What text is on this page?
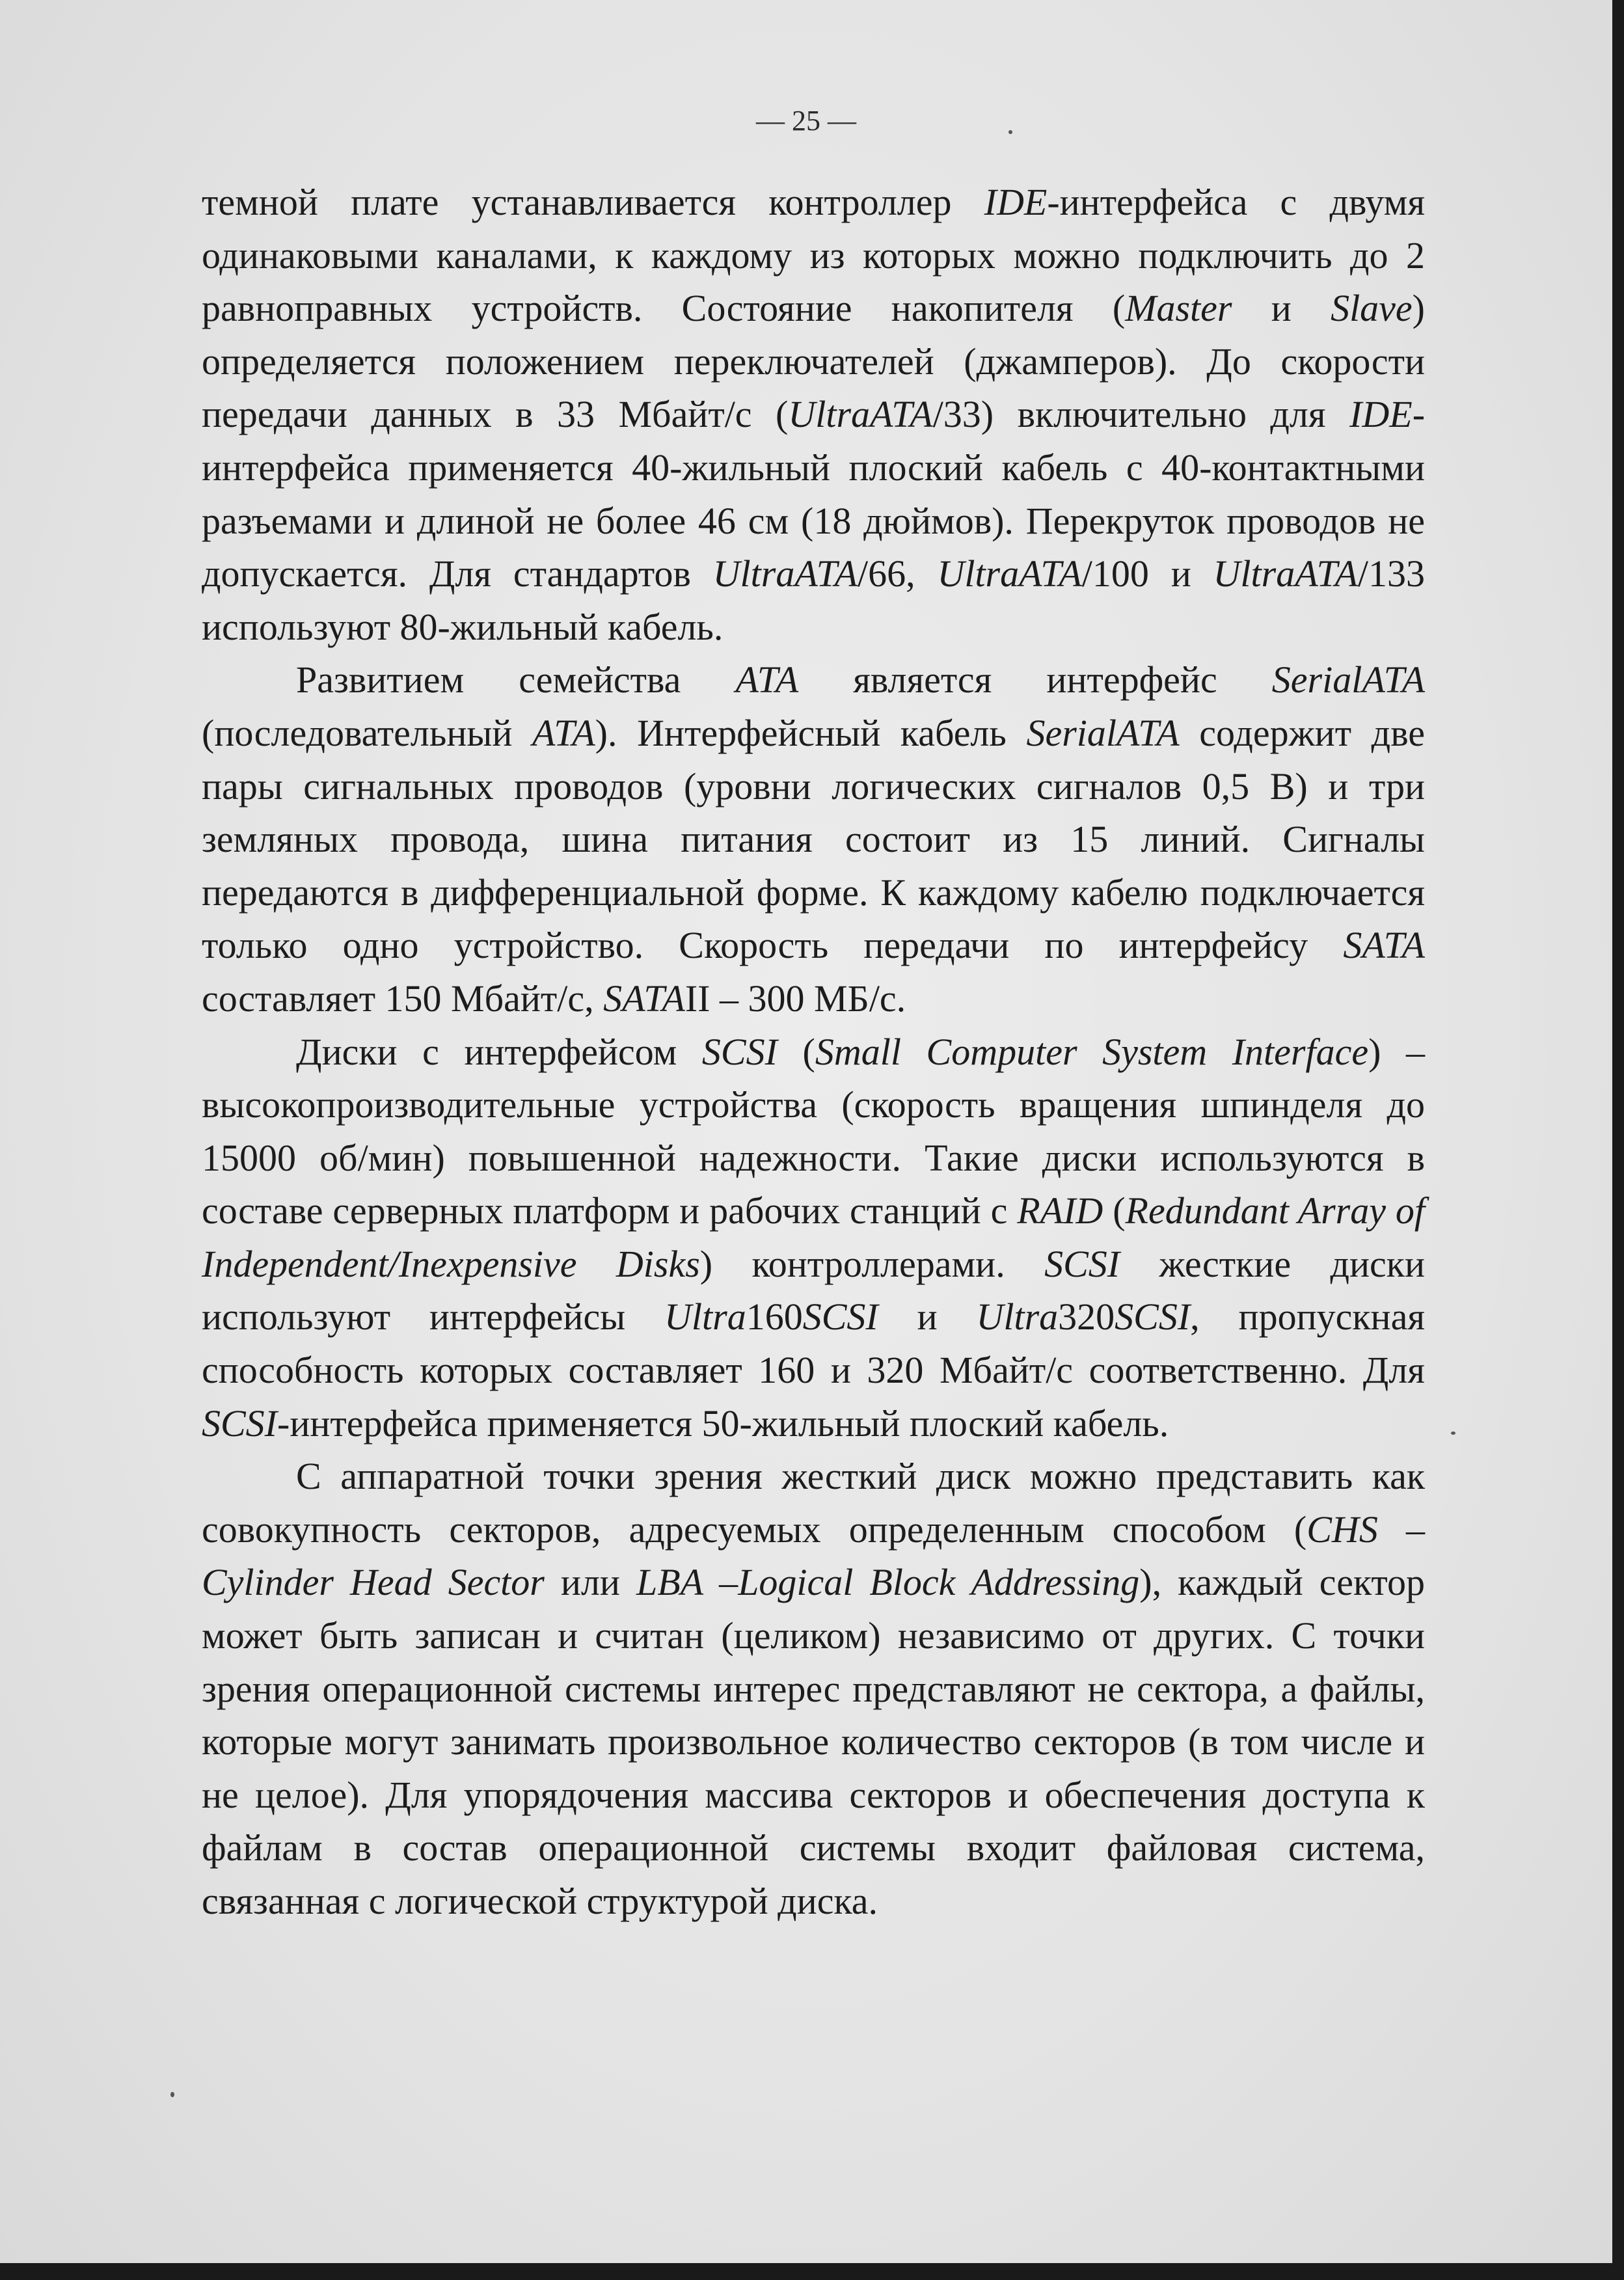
— 25 —

темной плате устанавливается контроллер IDE-интерфейса с двумя одинаковыми каналами, к каждому из которых можно подключить до 2 равноправных устройств. Состояние накопителя (Master и Slave) определяется положением переключателей (джамперов). До скорости передачи данных в 33 Мбайт/с (UltraATA/33) включительно для IDE-интерфейса применяется 40-жильный плоский кабель с 40-контактными разъемами и длиной не более 46 см (18 дюймов). Перекруток проводов не допускается. Для стандартов UltraATA/66, UltraATA/100 и UltraATA/133 используют 80-жильный кабель.

Развитием семейства ATA является интерфейс SerialATA (последовательный ATA). Интерфейсный кабель SerialATA содержит две пары сигнальных проводов (уровни логических сигналов 0,5 В) и три земляных провода, шина питания состоит из 15 линий. Сигналы передаются в дифференциальной форме. К каждому кабелю подключается только одно устройство. Скорость передачи по интерфейсу SATA составляет 150 Мбайт/с, SATAII – 300 МБ/с.

Диски с интерфейсом SCSI (Small Computer System Interface) – высокопроизводительные устройства (скорость вращения шпинделя до 15000 об/мин) повышенной надежности. Такие диски используются в составе серверных платформ и рабочих станций с RAID (Redundant Array of Independent/Inexpensive Disks) контроллерами. SCSI жесткие диски используют интерфейсы Ultra160SCSI и Ultra320SCSI, пропускная способность которых составляет 160 и 320 Мбайт/с соответственно. Для SCSI-интерфейса применяется 50-жильный плоский кабель.

С аппаратной точки зрения жесткий диск можно представить как совокупность секторов, адресуемых определенным способом (CHS – Cylinder Head Sector или LBA –Logical Block Addressing), каждый сектор может быть записан и считан (целиком) независимо от других. С точки зрения операционной системы интерес представляют не сектора, а файлы, которые могут занимать произвольное количество секторов (в том числе и не целое). Для упорядочения массива секторов и обеспечения доступа к файлам в состав операционной системы входит файловая система, связанная с логической структурой диска.
